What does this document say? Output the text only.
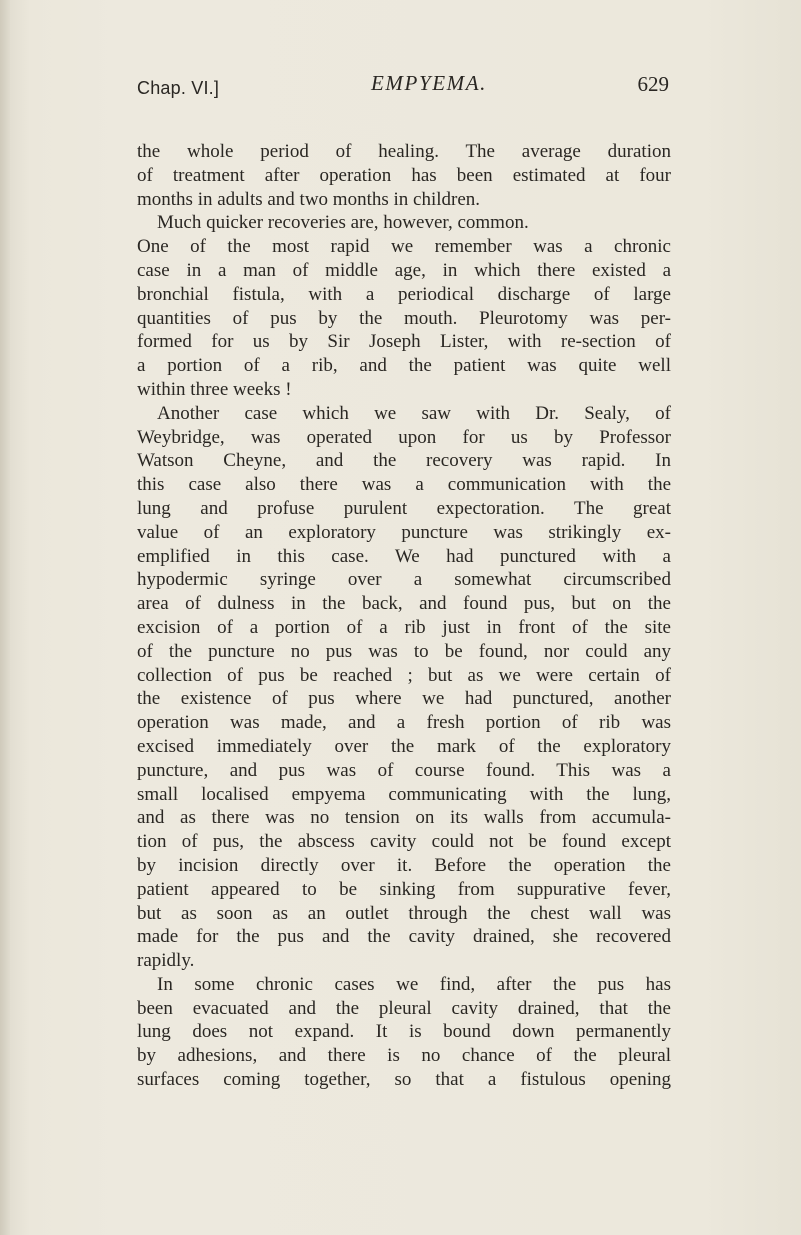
Chap. VI.]	EMPYEMA.	629
the whole period of healing. The average duration
of treatment after operation has been estimated at four
months in adults and two months in children.
Much quicker recoveries are, however, common.
One of the most rapid we remember was a chronic
case in a man of middle age, in which there existed a
bronchial fistula, with a periodical discharge of large
quantities of pus by the mouth. Pleurotomy was per-
formed for us by Sir Joseph Lister, with re-section of
a portion of a rib, and the patient was quite well
within three weeks !
Another case which we saw with Dr. Sealy, of
Weybridge, was operated upon for us by Professor
Watson Cheyne, and the recovery was rapid. In
this case also there was a communication with the
lung and profuse purulent expectoration. The great
value of an exploratory puncture was strikingly ex-
emplified in this case. We had punctured with a
hypodermic syringe over a somewhat circumscribed
area of dulness in the back, and found pus, but on the
excision of a portion of a rib just in front of the site
of the puncture no pus was to be found, nor could any
collection of pus be reached ; but as we were certain of
the existence of pus where we had punctured, another
operation was made, and a fresh portion of rib was
excised immediately over the mark of the exploratory
puncture, and pus was of course found. This was a
small localised empyema communicating with the lung,
and as there was no tension on its walls from accumula-
tion of pus, the abscess cavity could not be found except
by incision directly over it. Before the operation the
patient appeared to be sinking from suppurative fever,
but as soon as an outlet through the chest wall was
made for the pus and the cavity drained, she recovered
rapidly.
In some chronic cases we find, after the pus has
been evacuated and the pleural cavity drained, that the
lung does not expand. It is bound down permanently
by adhesions, and there is no chance of the pleural
surfaces coming together, so that a fistulous opening
